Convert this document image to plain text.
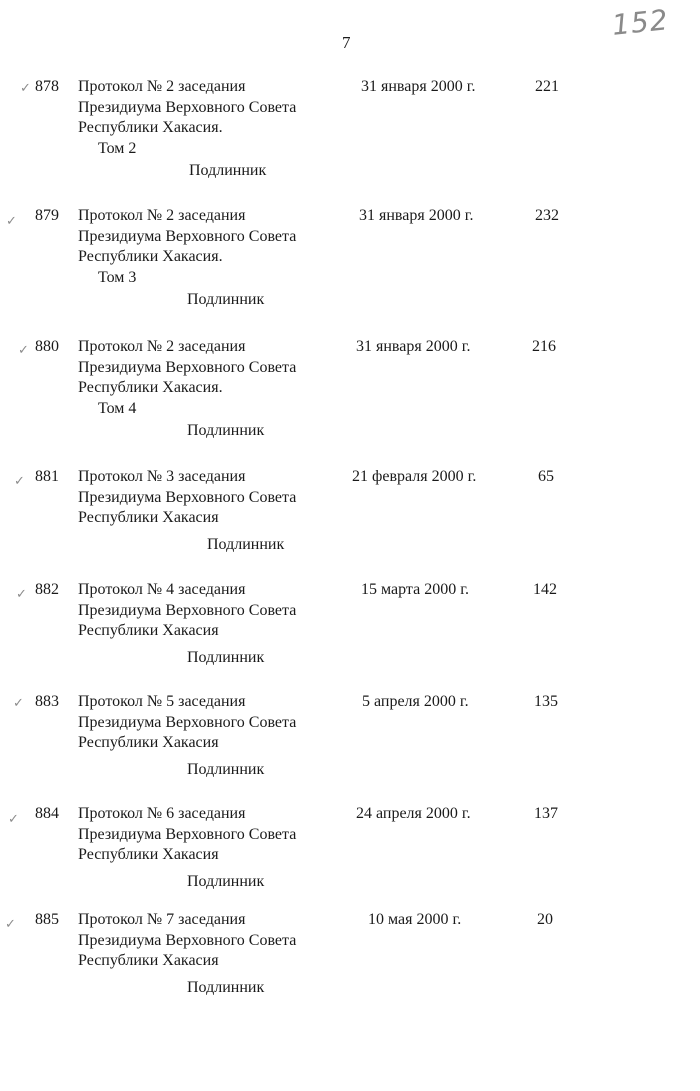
7
152
✓ 878 Протокол № 2 заседания
Президиума Верховного Совета
Республики Хакасия.
Том 2
Подлинник
31 января 2000 г.	221
✓ 879 Протокол № 2 заседания
Президиума Верховного Совета
Республики Хакасия.
Том 3
Подлинник
31 января 2000 г.	232
✓ 880 Протокол № 2 заседания
Президиума Верховного Совета
Республики Хакасия.
Том 4
Подлинник
31 января 2000 г.	216
✓ 881 Протокол № 3 заседания
Президиума Верховного Совета
Республики Хакасия
Подлинник
21 февраля 2000 г.	65
✓ 882 Протокол № 4 заседания
Президиума Верховного Совета
Республики Хакасия
Подлинник
15 марта 2000 г.	142
✓ 883 Протокол № 5 заседания
Президиума Верховного Совета
Республики Хакасия
Подлинник
5 апреля 2000 г.	135
✓ 884 Протокол № 6 заседания
Президиума Верховного Совета
Республики Хакасия
Подлинник
24 апреля 2000 г.	137
✓ 885 Протокол № 7 заседания
Президиума Верховного Совета
Республики Хакасия
Подлинник
10 мая 2000 г.	20
